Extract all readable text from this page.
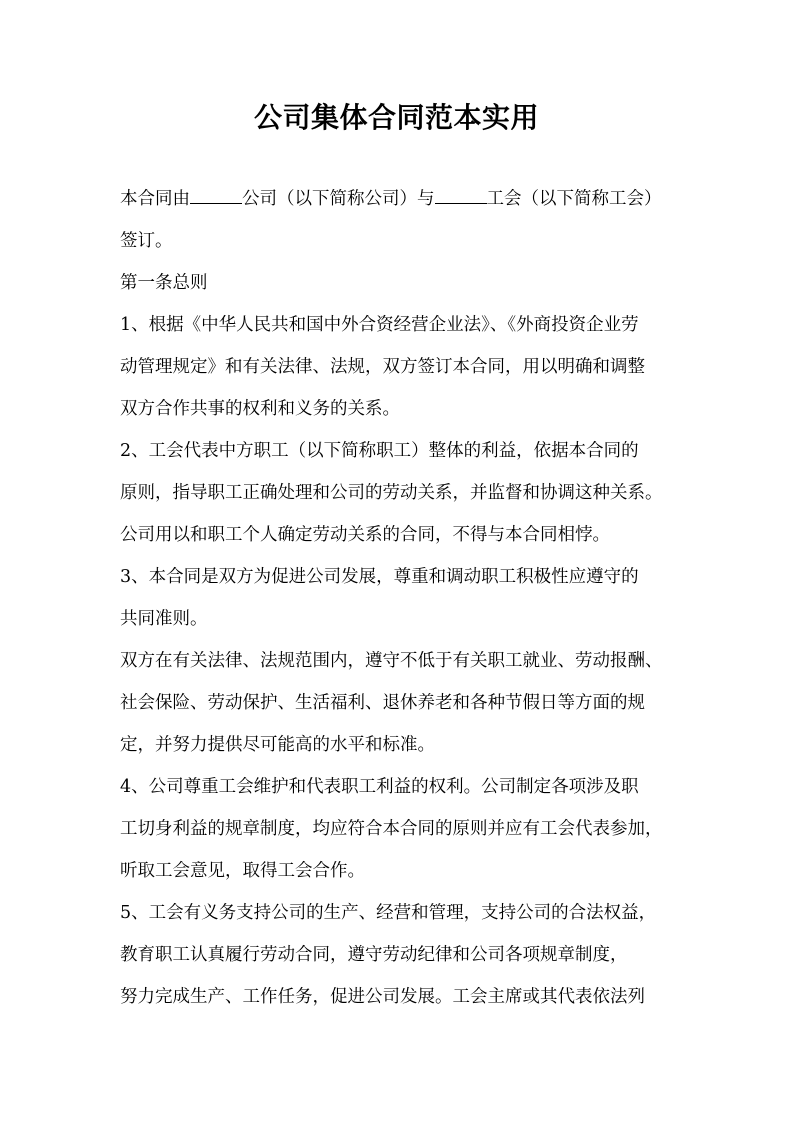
公司集体合同范本实用
本合同由	公司（以下简称公司）与	工会（以下简称工会）
签订。
第一条总则
1、根据《中华人民共和国中外合资经营企业法》、《外商投资企业劳
动管理规定》和有关法律、法规，双方签订本合同，用以明确和调整
双方合作共事的权利和义务的关系。
2、工会代表中方职工（以下简称职工）整体的利益，依据本合同的
原则，指导职工正确处理和公司的劳动关系，并监督和协调这种关系。
公司用以和职工个人确定劳动关系的合同，不得与本合同相悖。
3、本合同是双方为促进公司发展，尊重和调动职工积极性应遵守的
共同准则。
双方在有关法律、法规范围内，遵守不低于有关职工就业、劳动报酬、
社会保险、劳动保护、生活福利、退休养老和各种节假日等方面的规
定，并努力提供尽可能高的水平和标准。
4、公司尊重工会维护和代表职工利益的权利。公司制定各项涉及职
工切身利益的规章制度，均应符合本合同的原则并应有工会代表参加，
听取工会意见，取得工会合作。
5、工会有义务支持公司的生产、经营和管理，支持公司的合法权益，
教育职工认真履行劳动合同，遵守劳动纪律和公司各项规章制度，
努力完成生产、工作任务，促进公司发展。工会主席或其代表依法列
